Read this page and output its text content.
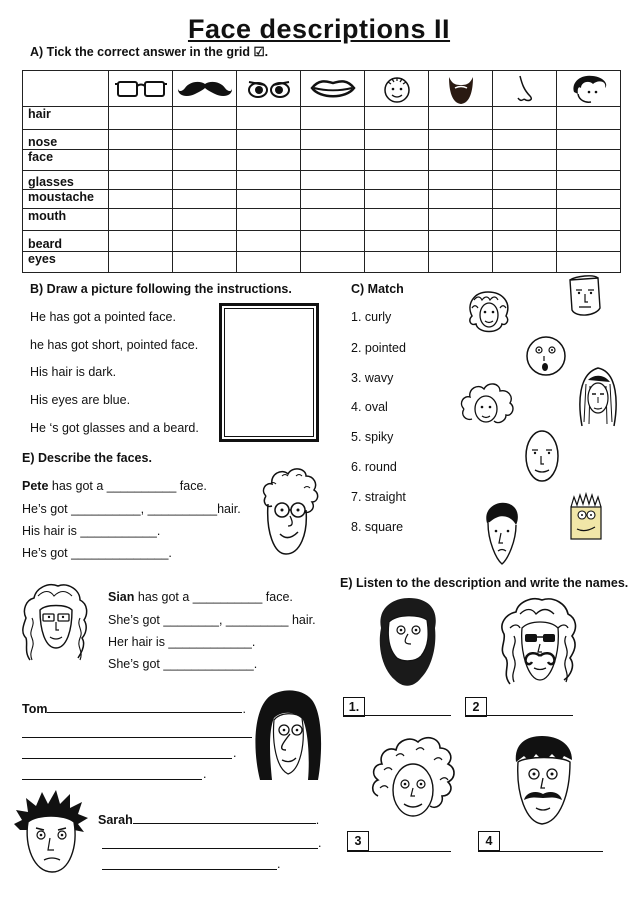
Face descriptions II
A) Tick the correct answer in the grid ☑.

hair								
nose								
face								
glasses								
moustache								
mouth								
beard								
eyes								
B) Draw a picture following the instructions.
He has got a pointed face.
he has got short, pointed face.
His hair is dark.
His eyes are blue.
He ‘s got glasses and a beard.
C) Match
1. curly
2. pointed
3. wavy
4. oval
5. spiky
6. round
7. straight
8. square
E) Describe the faces.
Pete has got a __________ face.
He’s got __________, __________hair.
His hair is ___________.
He’s got ______________.
Sian has got a __________ face.
She’s got ________, _________ hair.
Her hair is ____________.
She’s got _____________.
Tom	.
.
.
Sarah	.
.
.
E) Listen to the description and write the names.
1.	2
3	4
